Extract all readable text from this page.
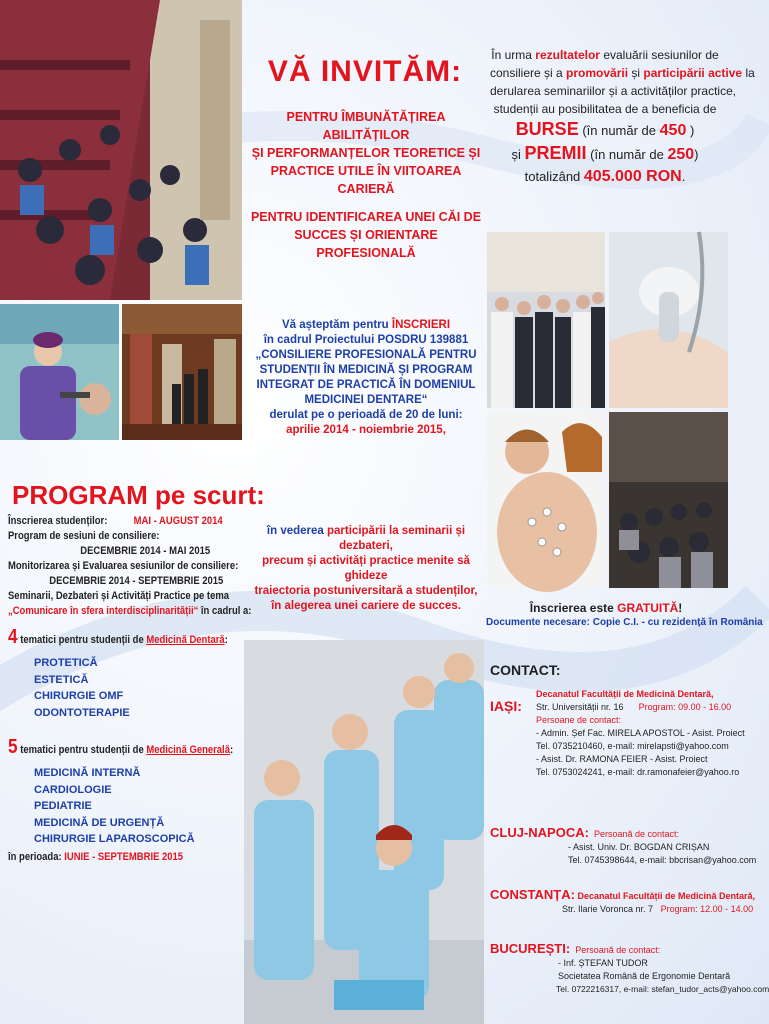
VĂ INVITĂM:
PENTRU ÎMBUNĂTĂȚIREA ABILITĂȚILOR
ȘI PERFORMANȚELOR TEORETICE ȘI
PRACTICE UTILE ÎN VIITOAREA CARIERĂ
PENTRU IDENTIFICAREA UNEI CĂI DE
SUCCES ȘI ORIENTARE PROFESIONALĂ
Vă așteptăm pentru ÎNSCRIERI
în cadrul Proiectului POSDRU 139881
„CONSILIERE PROFESIONALĂ PENTRU
STUDENȚII ÎN MEDICINĂ ȘI PROGRAM
INTEGRAT DE PRACTICĂ ÎN DOMENIUL
MEDICINEI DENTARE“
derulat pe o perioadă de 20 de luni:
aprilie 2014 - noiembrie 2015,
în vederea participării la seminarii și dezbateri,
precum și activități practice menite să ghideze
traiectoria postuniversitară a studenților,
în alegerea unei cariere de succes.
În urma rezultatelor evaluării sesiunilor de
consiliere și a promovării și participării active la
derularea seminariilor și a activităților practice,
studenții au posibilitatea de a beneficia de
BURSE (în număr de 450 )
și PREMII (în număr de 250)
totalizând 405.000 RON.
PROGRAM pe scurt:
Înscrierea studenților: MAI - AUGUST 2014
Program de sesiuni de consiliere:
DECEMBRIE 2014 - MAI 2015
Monitorizarea și Evaluarea sesiunilor de consiliere:
DECEMBRIE 2014 - SEPTEMBRIE 2015
Seminarii, Dezbateri și Activități Practice pe tema
„Comunicare în sfera interdisciplinarității“ în cadrul a:
4 tematici pentru studenții de Medicină Dentară:
PROTETICĂ
ESTETICĂ
CHIRURGIE OMF
ODONTOTERAPIE
5 tematici pentru studenții de Medicină Generală:
MEDICINĂ INTERNĂ
CARDIOLOGIE
PEDIATRIE
MEDICINĂ DE URGENȚĂ
CHIRURGIE LAPAROSCOPICĂ
în perioada: IUNIE - SEPTEMBRIE 2015
Înscrierea este GRATUITĂ!
Documente necesare: Copie C.I. - cu rezidență în România
CONTACT:
IAȘI:
Decanatul Facultății de Medicină Dentară,
Str. Universității nr. 16 Program: 09.00 - 16.00
Persoane de contact:
- Admin. Șef Fac. MIRELA APOSTOL - Asist. Proiect
Tel. 0735210460, e-mail: mirelapsti@yahoo.com
- Asist. Dr. RAMONA FEIER - Asist. Proiect
Tel. 0753024241, e-mail: dr.ramonafeier@yahoo.ro
CLUJ-NAPOCA: Persoană de contact:
- Asist. Univ. Dr. BOGDAN CRIȘAN
Tel. 0745398644, e-mail: bbcrisan@yahoo.com
CONSTANȚA: Decanatul Facultății de Medicină Dentară,
Str. Ilarie Voronca nr. 7 Program: 12.00 - 14.00
BUCUREȘTI: Persoană de contact:
- Inf. ȘTEFAN TUDOR
Societatea Română de Ergonomie Dentară
Tel. 0722216317, e-mail: stefan_tudor_acts@yahoo.com
